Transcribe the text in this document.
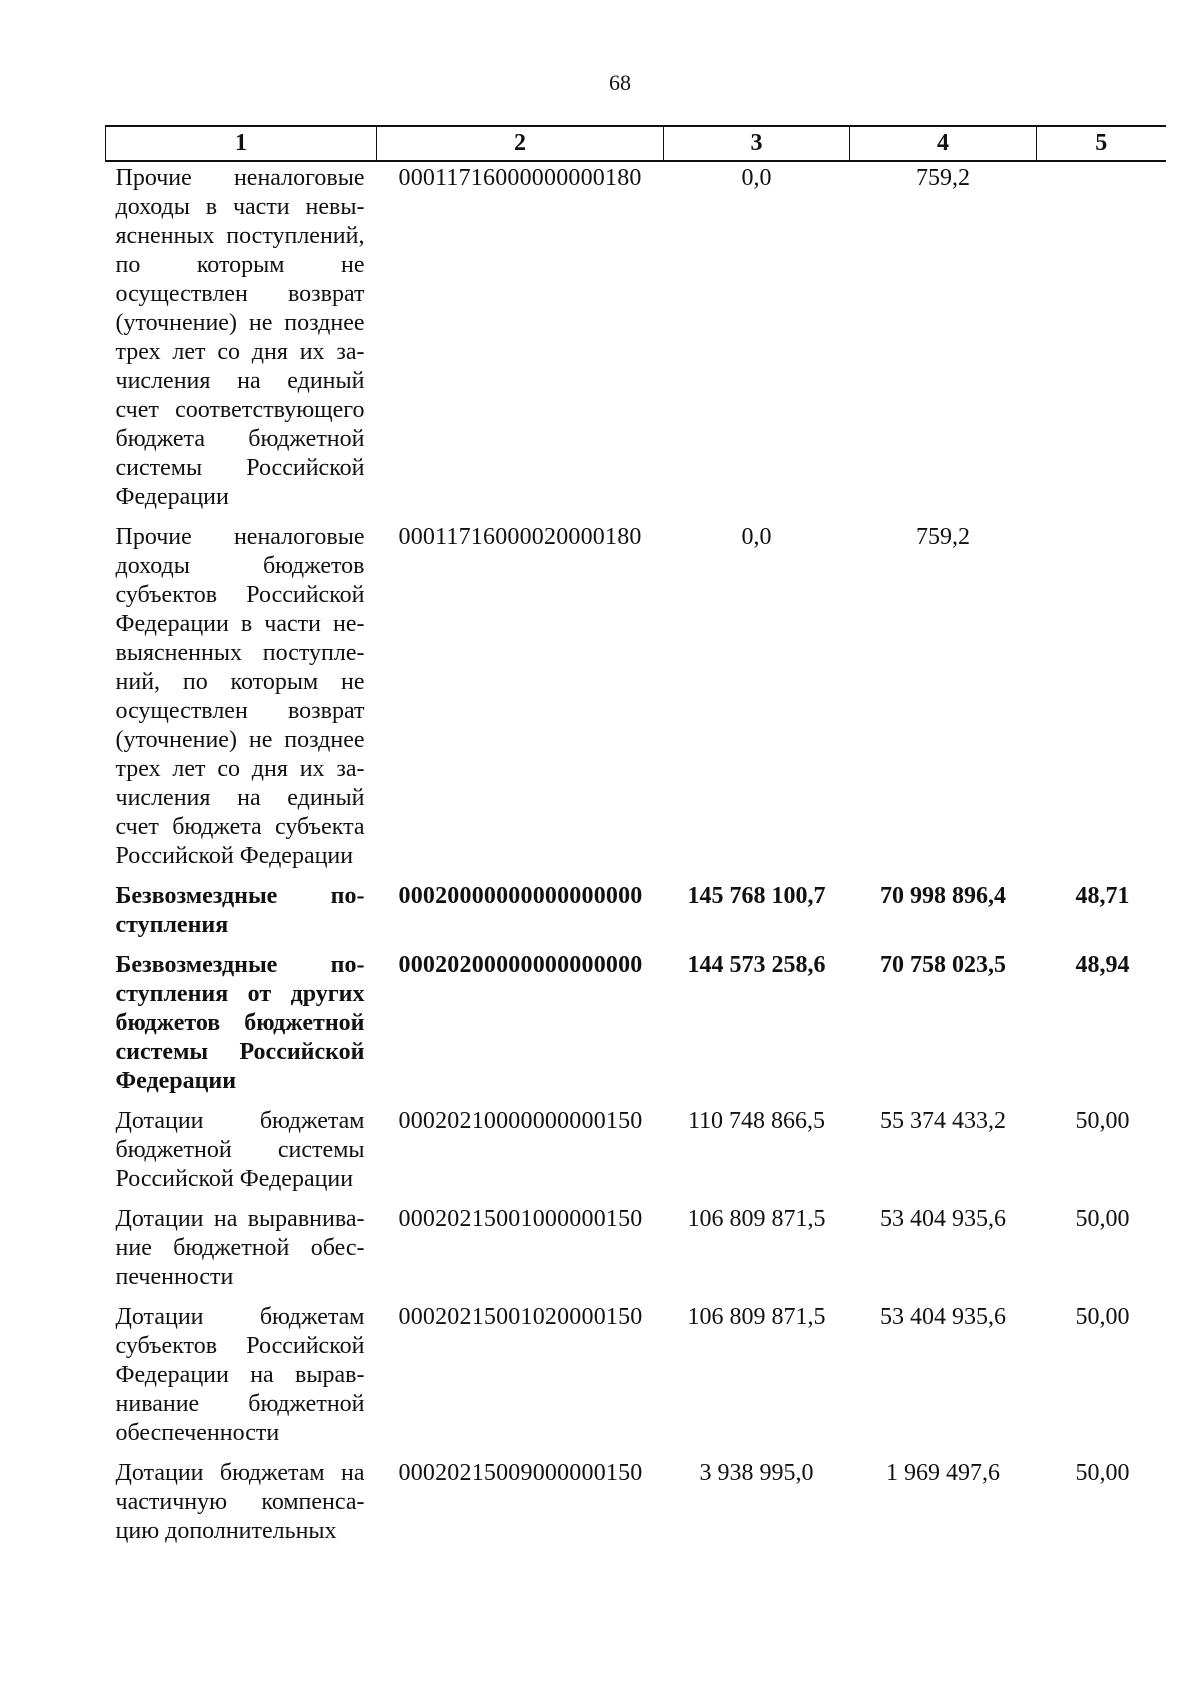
68
1	2	3	4	5
Прочие неналоговые доходы в части невыясненных поступлений, по которым не осуществлен возврат (уточнение) не позднее трех лет со дня их зачисления на единый счет соответствующего бюджета бюджетной системы Российской Федерации	00011716000000000180	0,0	759,2	
Прочие неналоговые доходы бюджетов субъектов Российской Федерации в части невыясненных поступлений, по которым не осуществлен возврат (уточнение) не позднее трех лет со дня их зачисления на единый счет бюджета субъекта Российской Федерации	00011716000020000180	0,0	759,2	
Безвозмездные поступления	00020000000000000000	145 768 100,7	70 998 896,4	48,71
Безвозмездные поступления от других бюджетов бюджетной системы Российской Федерации	00020200000000000000	144 573 258,6	70 758 023,5	48,94
Дотации бюджетам бюджетной системы Российской Федерации	00020210000000000150	110 748 866,5	55 374 433,2	50,00
Дотации на выравнивание бюджетной обеспеченности	00020215001000000150	106 809 871,5	53 404 935,6	50,00
Дотации бюджетам субъектов Российской Федерации на выравнивание бюджетной обеспеченности	00020215001020000150	106 809 871,5	53 404 935,6	50,00
Дотации бюджетам на частичную компенсацию дополнительных	00020215009000000150	3 938 995,0	1 969 497,6	50,00
